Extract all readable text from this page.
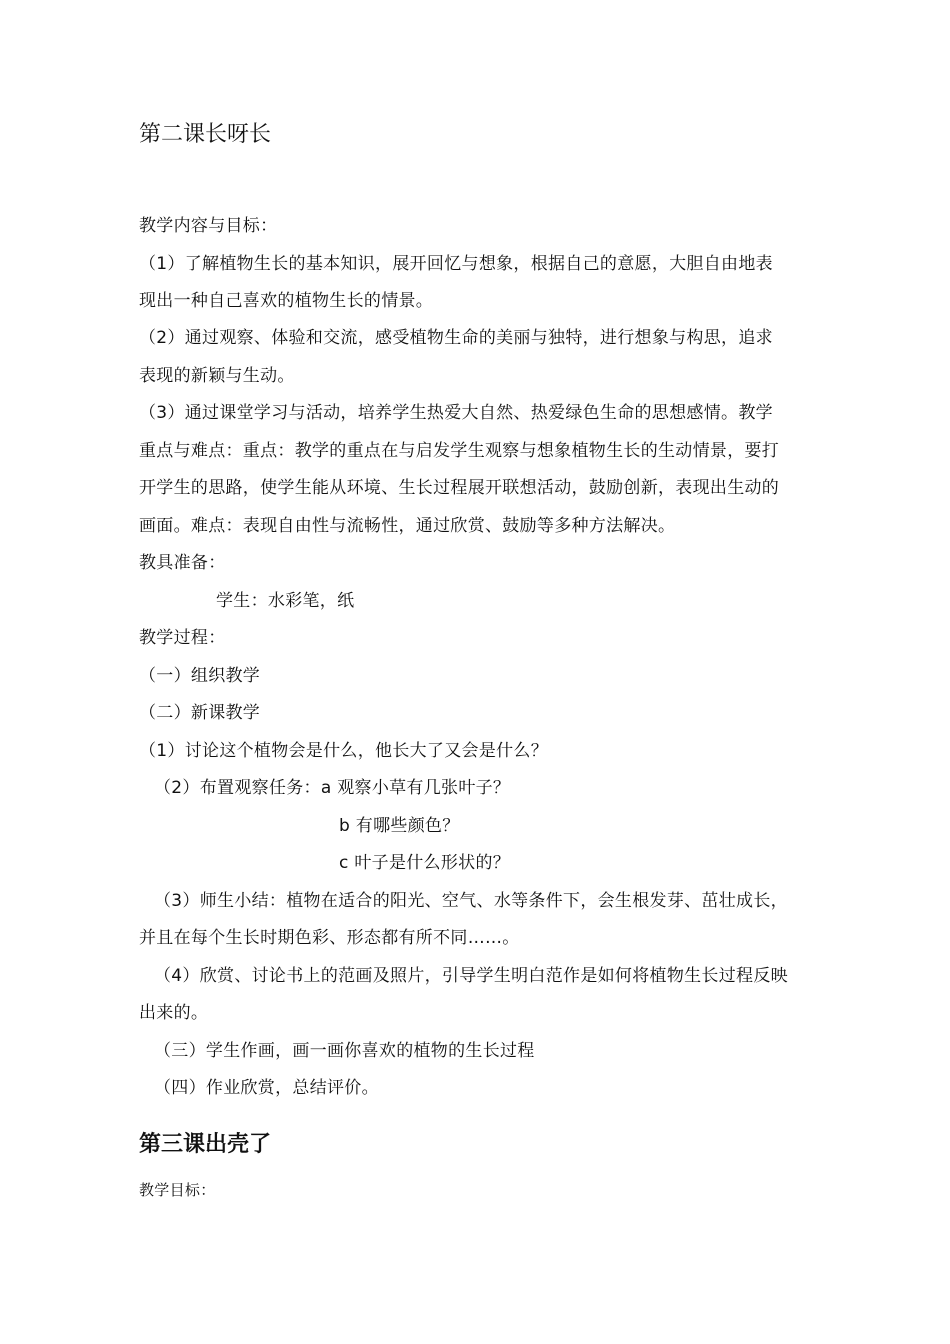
第二课长呀长
教学内容与目标：
（1）了解植物生长的基本知识，展开回忆与想象，根据自己的意愿，大胆自由地表
现出一种自己喜欢的植物生长的情景。
（2）通过观察、体验和交流，感受植物生命的美丽与独特，进行想象与构思，追求
表现的新颖与生动。
（3）通过课堂学习与活动，培养学生热爱大自然、热爱绿色生命的思想感情。教学
重点与难点：重点：教学的重点在与启发学生观察与想象植物生长的生动情景，要打
开学生的思路，使学生能从环境、生长过程展开联想活动，鼓励创新，表现出生动的
画面。难点：表现自由性与流畅性，通过欣赏、鼓励等多种方法解决。
教具准备：
学生：水彩笔，纸
教学过程：
（一）组织教学
（二）新课教学
（1）讨论这个植物会是什么，他长大了又会是什么？
（2）布置观察任务：a 观察小草有几张叶子？
b 有哪些颜色？
c 叶子是什么形状的？
（3）师生小结：植物在适合的阳光、空气、水等条件下，会生根发芽、茁壮成长，
并且在每个生长时期色彩、形态都有所不同……。
（4）欣赏、讨论书上的范画及照片，引导学生明白范作是如何将植物生长过程反映
出来的。
（三）学生作画，画一画你喜欢的植物的生长过程
（四）作业欣赏，总结评价。
第三课出壳了
教学目标：
